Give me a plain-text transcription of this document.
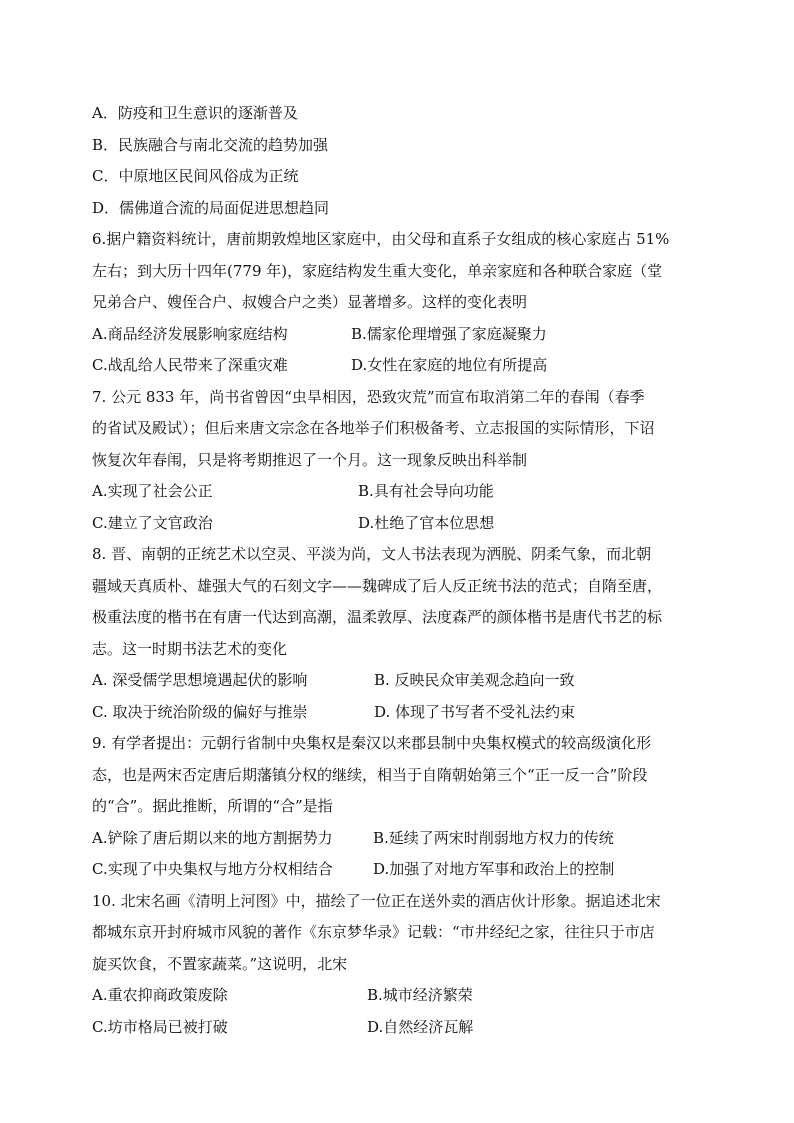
A．防疫和卫生意识的逐渐普及
B．民族融合与南北交流的趋势加强
C．中原地区民间风俗成为正统
D．儒佛道合流的局面促进思想趋同
6.据户籍资料统计，唐前期敦煌地区家庭中，由父母和直系子女组成的核心家庭占 51%
左右；到大历十四年(779 年)，家庭结构发生重大变化，单亲家庭和各种联合家庭（堂
兄弟合户、嫂侄合户、叔嫂合户之类）显著增多。这样的变化表明
A.商品经济发展影响家庭结构	B.儒家伦理增强了家庭凝聚力
C.战乱给人民带来了深重灾难	D.女性在家庭的地位有所提高
7. 公元 833 年，尚书省曾因“虫旱相因，恐致灾荒”而宣布取消第二年的春闱（春季
的省试及殿试）；但后来唐文宗念在各地举子们积极备考、立志报国的实际情形，下诏
恢复次年春闱，只是将考期推迟了一个月。这一现象反映出科举制
A.实现了社会公正	B.具有社会导向功能
C.建立了文官政治	D.杜绝了官本位思想
8. 晋、南朝的正统艺术以空灵、平淡为尚，文人书法表现为洒脱、阴柔气象，而北朝
疆域天真质朴、雄强大气的石刻文字——魏碑成了后人反正统书法的范式；自隋至唐，
极重法度的楷书在有唐一代达到高潮，温柔敦厚、法度森严的颜体楷书是唐代书艺的标
志。这一时期书法艺术的变化
A. 深受儒学思想境遇起伏的影响	B. 反映民众审美观念趋向一致
C. 取决于统治阶级的偏好与推崇	D. 体现了书写者不受礼法约束
9. 有学者提出：元朝行省制中央集权是秦汉以来郡县制中央集权模式的较高级演化形
态，也是两宋否定唐后期藩镇分权的继续，相当于自隋朝始第三个“正一反一合”阶段
的“合”。据此推断，所谓的“合”是指
A.铲除了唐后期以来的地方割据势力	B.延续了两宋时削弱地方权力的传统
C.实现了中央集权与地方分权相结合	D.加强了对地方军事和政治上的控制
10. 北宋名画《清明上河图》中，描绘了一位正在送外卖的酒店伙计形象。据追述北宋
都城东京开封府城市风貌的著作《东京梦华录》记载：“市井经纪之家，往往只于市店
旋买饮食，不置家蔬菜。”这说明，北宋
A.重农抑商政策废除	B.城市经济繁荣
C.坊市格局已被打破	D.自然经济瓦解
